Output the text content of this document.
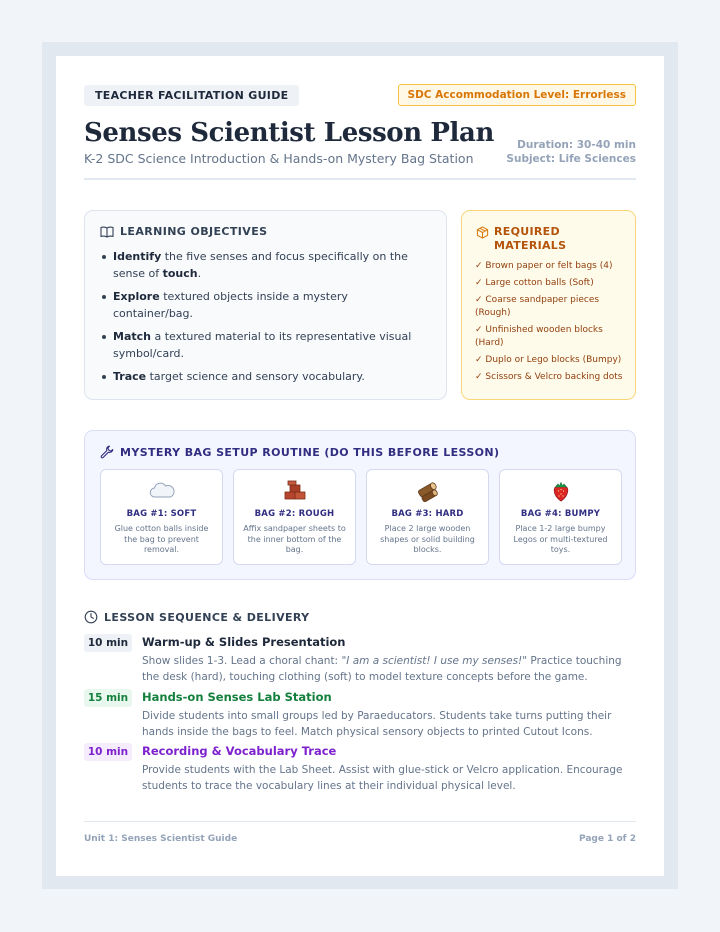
TEACHER FACILITATION GUIDE	SDC Accommodation Level: Errorless
Senses Scientist Lesson Plan
K-2 SDC Science Introduction & Hands-on Mystery Bag Station
Duration: 30-40 min
Subject: Life Sciences
LEARNING OBJECTIVES
Identify the five senses and focus specifically on the sense of touch.
Explore textured objects inside a mystery container/bag.
Match a textured material to its representative visual symbol/card.
Trace target science and sensory vocabulary.
REQUIRED MATERIALS
✓ Brown paper or felt bags (4)
✓ Large cotton balls (Soft)
✓ Coarse sandpaper pieces (Rough)
✓ Unfinished wooden blocks (Hard)
✓ Duplo or Lego blocks (Bumpy)
✓ Scissors & Velcro backing dots
MYSTERY BAG SETUP ROUTINE (DO THIS BEFORE LESSON)
BAG #1: SOFT
Glue cotton balls inside the bag to prevent removal.
BAG #2: ROUGH
Affix sandpaper sheets to the inner bottom of the bag.
BAG #3: HARD
Place 2 large wooden shapes or solid building blocks.
BAG #4: BUMPY
Place 1-2 large bumpy Legos or multi-textured toys.
LESSON SEQUENCE & DELIVERY
10 min	Warm-up & Slides Presentation
Show slides 1-3. Lead a choral chant: "I am a scientist! I use my senses!" Practice touching the desk (hard), touching clothing (soft) to model texture concepts before the game.
15 min	Hands-on Senses Lab Station
Divide students into small groups led by Paraeducators. Students take turns putting their hands inside the bags to feel. Match physical sensory objects to printed Cutout Icons.
10 min	Recording & Vocabulary Trace
Provide students with the Lab Sheet. Assist with glue-stick or Velcro application. Encourage students to trace the vocabulary lines at their individual physical level.
Unit 1: Senses Scientist Guide	Page 1 of 2
